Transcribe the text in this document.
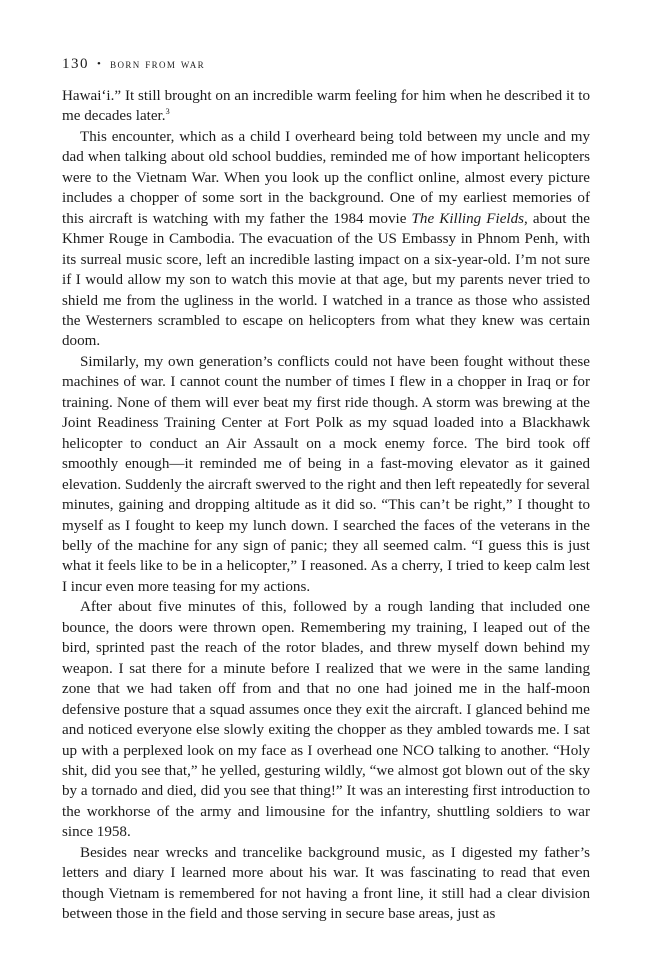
130 • born from war

Hawai‘i.” It still brought on an incredible warm feeling for him when he described it to me decades later.$^3$

This encounter, which as a child I overheard being told between my uncle and my dad when talking about old school buddies, reminded me of how important helicopters were to the Vietnam War. When you look up the conflict online, almost every picture includes a chopper of some sort in the background. One of my earliest memories of this aircraft is watching with my father the 1984 movie The Killing Fields, about the Khmer Rouge in Cambodia. The evacuation of the US Embassy in Phnom Penh, with its surreal music score, left an incredible lasting impact on a six-year-old. I’m not sure if I would allow my son to watch this movie at that age, but my parents never tried to shield me from the ugliness in the world. I watched in a trance as those who assisted the Westerners scrambled to escape on helicopters from what they knew was certain doom.

Similarly, my own generation’s conflicts could not have been fought without these machines of war. I cannot count the number of times I flew in a chopper in Iraq or for training. None of them will ever beat my first ride though. A storm was brewing at the Joint Readiness Training Center at Fort Polk as my squad loaded into a Blackhawk helicopter to conduct an Air Assault on a mock enemy force. The bird took off smoothly enough—it reminded me of being in a fast-moving elevator as it gained elevation. Suddenly the aircraft swerved to the right and then left repeatedly for several minutes, gaining and dropping altitude as it did so. “This can’t be right,” I thought to myself as I fought to keep my lunch down. I searched the faces of the veterans in the belly of the machine for any sign of panic; they all seemed calm. “I guess this is just what it feels like to be in a helicopter,” I reasoned. As a cherry, I tried to keep calm lest I incur even more teasing for my actions.

After about five minutes of this, followed by a rough landing that included one bounce, the doors were thrown open. Remembering my training, I leaped out of the bird, sprinted past the reach of the rotor blades, and threw myself down behind my weapon. I sat there for a minute before I realized that we were in the same landing zone that we had taken off from and that no one had joined me in the half-moon defensive posture that a squad assumes once they exit the aircraft. I glanced behind me and noticed everyone else slowly exiting the chopper as they ambled towards me. I sat up with a perplexed look on my face as I overhead one NCO talking to another. “Holy shit, did you see that,” he yelled, gesturing wildly, “we almost got blown out of the sky by a tornado and died, did you see that thing!” It was an interesting first introduction to the workhorse of the army and limousine for the infantry, shuttling soldiers to war since 1958.

Besides near wrecks and trancelike background music, as I digested my father’s letters and diary I learned more about his war. It was fascinating to read that even though Vietnam is remembered for not having a front line, it still had a clear division between those in the field and those serving in secure base areas, just as
